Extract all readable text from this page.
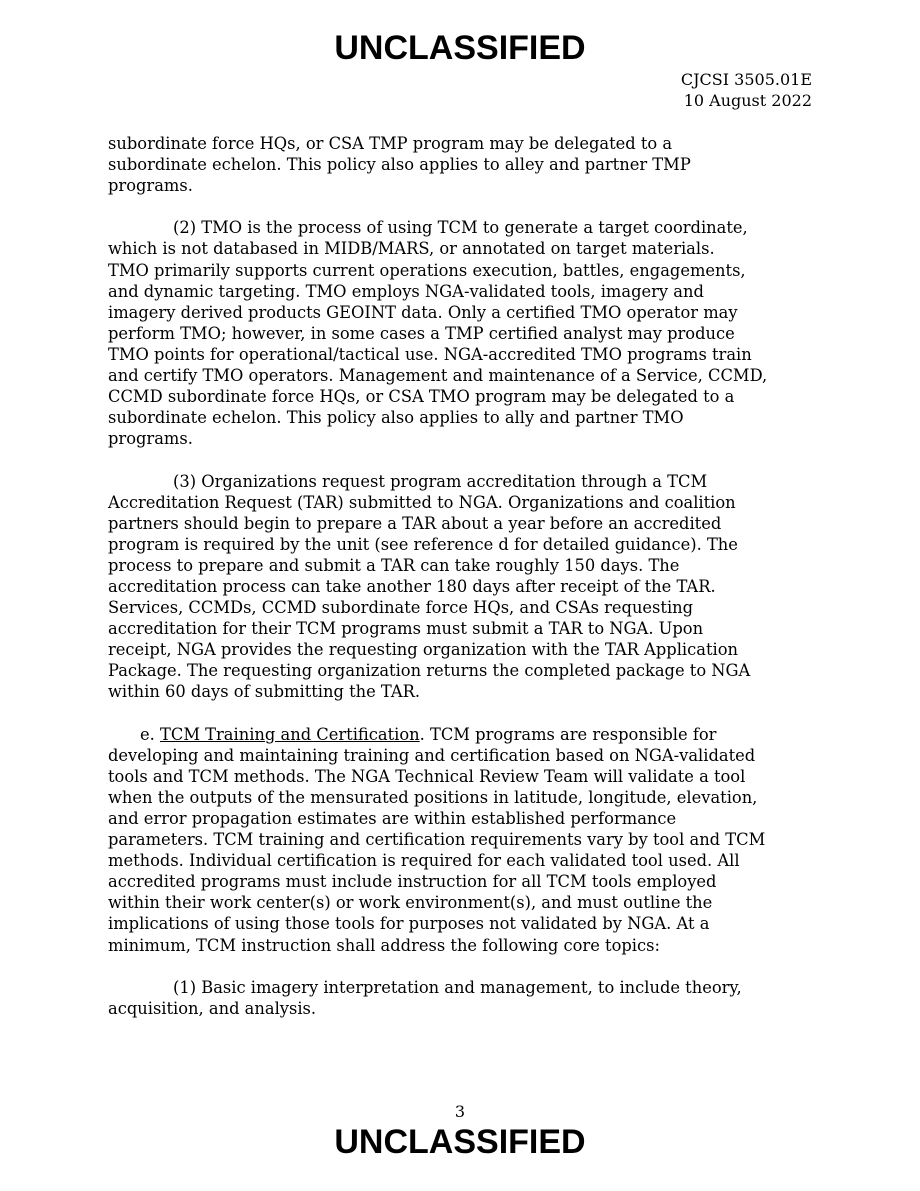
UNCLASSIFIED
CJCSI 3505.01E
10 August 2022

subordinate force HQs, or CSA TMP program may be delegated to a
subordinate echelon. This policy also applies to alley and partner TMP
programs.

(2) TMO is the process of using TCM to generate a target coordinate,
which is not databased in MIDB/MARS, or annotated on target materials.
TMO primarily supports current operations execution, battles, engagements,
and dynamic targeting. TMO employs NGA-validated tools, imagery and
imagery derived products GEOINT data. Only a certified TMO operator may
perform TMO; however, in some cases a TMP certified analyst may produce
TMO points for operational/tactical use. NGA-accredited TMO programs train
and certify TMO operators. Management and maintenance of a Service, CCMD,
CCMD subordinate force HQs, or CSA TMO program may be delegated to a
subordinate echelon. This policy also applies to ally and partner TMO
programs.

(3) Organizations request program accreditation through a TCM
Accreditation Request (TAR) submitted to NGA. Organizations and coalition
partners should begin to prepare a TAR about a year before an accredited
program is required by the unit (see reference d for detailed guidance). The
process to prepare and submit a TAR can take roughly 150 days. The
accreditation process can take another 180 days after receipt of the TAR.
Services, CCMDs, CCMD subordinate force HQs, and CSAs requesting
accreditation for their TCM programs must submit a TAR to NGA. Upon
receipt, NGA provides the requesting organization with the TAR Application
Package. The requesting organization returns the completed package to NGA
within 60 days of submitting the TAR.

e. TCM Training and Certification. TCM programs are responsible for
developing and maintaining training and certification based on NGA-validated
tools and TCM methods. The NGA Technical Review Team will validate a tool
when the outputs of the mensurated positions in latitude, longitude, elevation,
and error propagation estimates are within established performance
parameters. TCM training and certification requirements vary by tool and TCM
methods. Individual certification is required for each validated tool used. All
accredited programs must include instruction for all TCM tools employed
within their work center(s) or work environment(s), and must outline the
implications of using those tools for purposes not validated by NGA. At a
minimum, TCM instruction shall address the following core topics:

(1) Basic imagery interpretation and management, to include theory,
acquisition, and analysis.

3
UNCLASSIFIED
